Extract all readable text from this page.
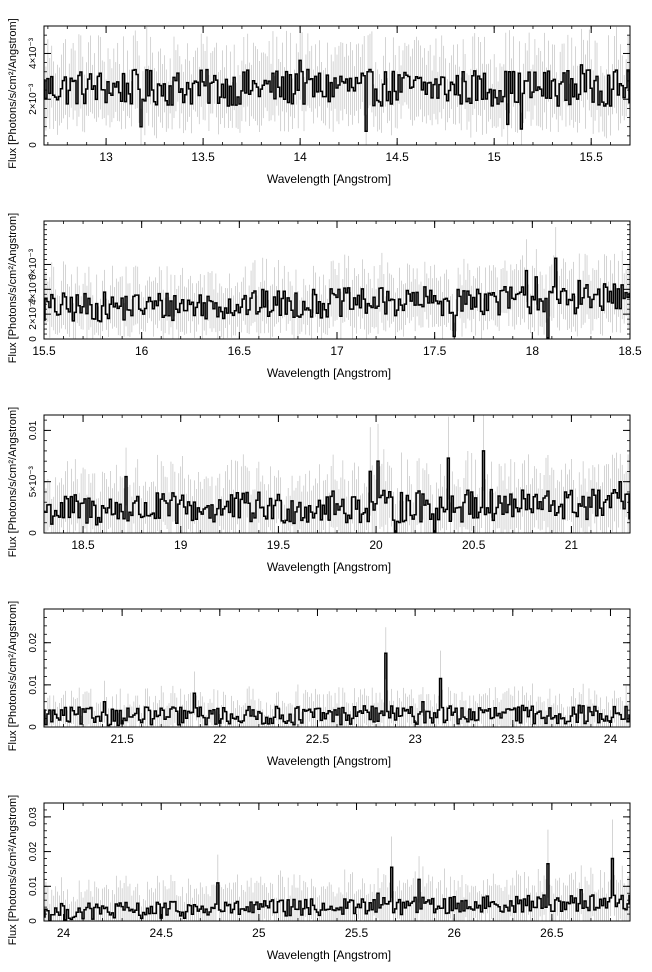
13	13.5	14	14.5	15	15.5
0
2×10⁻³
4×10⁻³
Wavelength [Angstrom]
Flux [Photons/s/cm²/Angstrom]
15.5	16	16.5	17	17.5	18	18.5
0
2×10⁻³
4×10⁻³
6×10⁻³
Wavelength [Angstrom]
Flux [Photons/s/cm²/Angstrom]
18.5	19	19.5	20	20.5	21
0
5×10⁻³
0.01
Wavelength [Angstrom]
Flux [Photons/s/cm²/Angstrom]
21.5	22	22.5	23	23.5	24
0
0.01
0.02
Wavelength [Angstrom]
Flux [Photons/s/cm²/Angstrom]
24	24.5	25	25.5	26	26.5
0
0.01
0.02
0.03
Wavelength [Angstrom]
Flux [Photons/s/cm²/Angstrom]
